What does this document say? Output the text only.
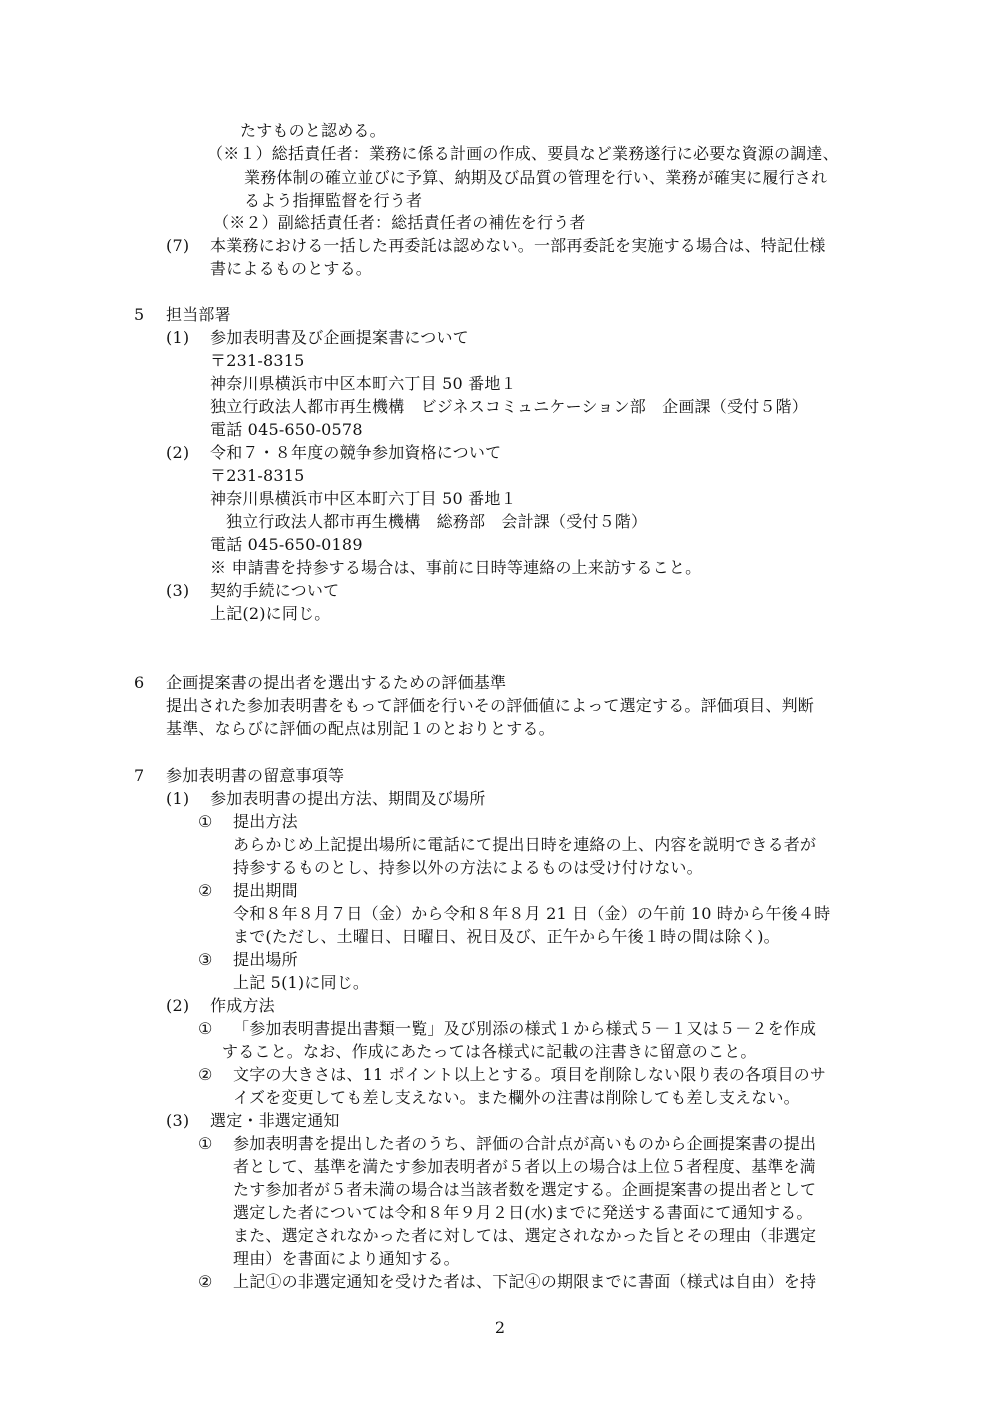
たすものと認める。
（※１）総括責任者：業務に係る計画の作成、要員など業務遂行に必要な資源の調達、
業務体制の確立並びに予算、納期及び品質の管理を行い、業務が確実に履行され
るよう指揮監督を行う者
（※２）副総括責任者：総括責任者の補佐を行う者
(7) 本業務における一括した再委託は認めない。一部再委託を実施する場合は、特記仕様
書によるものとする。
5 担当部署
(1) 参加表明書及び企画提案書について
〒231-8315
神奈川県横浜市中区本町六丁目 50 番地１
独立行政法人都市再生機構　ビジネスコミュニケーション部　企画課（受付５階）
電話 045-650-0578
(2) 令和７・８年度の競争参加資格について
〒231-8315
神奈川県横浜市中区本町六丁目 50 番地１
独立行政法人都市再生機構　総務部　会計課（受付５階）
電話 045-650-0189
※ 申請書を持参する場合は、事前に日時等連絡の上来訪すること。
(3) 契約手続について
上記(2)に同じ。
6 企画提案書の提出者を選出するための評価基準
提出された参加表明書をもって評価を行いその評価値によって選定する。評価項目、判断
基準、ならびに評価の配点は別記１のとおりとする。
7 参加表明書の留意事項等
(1) 参加表明書の提出方法、期間及び場所
① 提出方法
あらかじめ上記提出場所に電話にて提出日時を連絡の上、内容を説明できる者が
持参するものとし、持参以外の方法によるものは受け付けない。
② 提出期間
令和８年８月７日（金）から令和８年８月 21 日（金）の午前 10 時から午後４時
まで(ただし、土曜日、日曜日、祝日及び、正午から午後１時の間は除く)。
③ 提出場所
上記 5(1)に同じ。
(2) 作成方法
① 「参加表明書提出書類一覧」及び別添の様式１から様式５－１又は５－２を作成
すること。なお、作成にあたっては各様式に記載の注書きに留意のこと。
② 文字の大きさは、11 ポイント以上とする。項目を削除しない限り表の各項目のサ
イズを変更しても差し支えない。また欄外の注書は削除しても差し支えない。
(3) 選定・非選定通知
① 参加表明書を提出した者のうち、評価の合計点が高いものから企画提案書の提出
者として、基準を満たす参加表明者が５者以上の場合は上位５者程度、基準を満
たす参加者が５者未満の場合は当該者数を選定する。企画提案書の提出者として
選定した者については令和８年９月２日(水)までに発送する書面にて通知する。
また、選定されなかった者に対しては、選定されなかった旨とその理由（非選定
理由）を書面により通知する。
② 上記①の非選定通知を受けた者は、下記④の期限までに書面（様式は自由）を持
2
